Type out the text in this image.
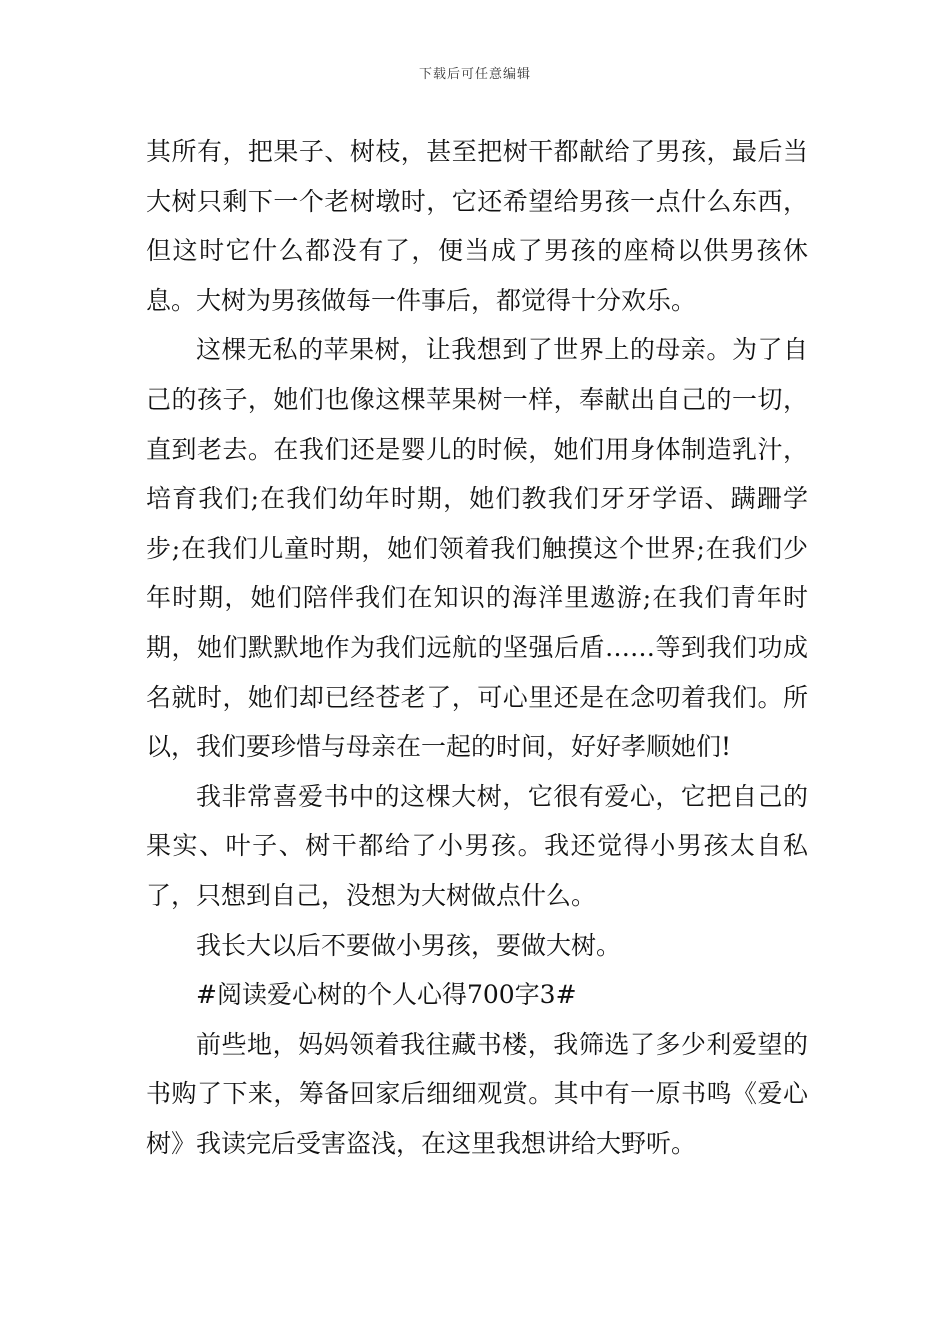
下载后可任意编辑

其所有，把果子、树枝，甚至把树干都献给了男孩，最后当大树只剩下一个老树墩时，它还希望给男孩一点什么东西，但这时它什么都没有了，便当成了男孩的座椅以供男孩休息。大树为男孩做每一件事后，都觉得十分欢乐。

这棵无私的苹果树，让我想到了世界上的母亲。为了自己的孩子，她们也像这棵苹果树一样，奉献出自己的一切，直到老去。在我们还是婴儿的时候，她们用身体制造乳汁，培育我们;在我们幼年时期，她们教我们牙牙学语、蹒跚学步;在我们儿童时期，她们领着我们触摸这个世界;在我们少年时期，她们陪伴我们在知识的海洋里遨游;在我们青年时期，她们默默地作为我们远航的坚强后盾……等到我们功成名就时，她们却已经苍老了，可心里还是在念叨着我们。所以，我们要珍惜与母亲在一起的时间，好好孝顺她们!

我非常喜爱书中的这棵大树，它很有爱心，它把自己的果实、叶子、树干都给了小男孩。我还觉得小男孩太自私了，只想到自己，没想为大树做点什么。

我长大以后不要做小男孩，要做大树。

#阅读爱心树的个人心得700字3#

前些地，妈妈领着我往藏书楼，我筛选了多少利爱望的书购了下来，筹备回家后细细观赏。其中有一原书鸣《爱心树》我读完后受害盗浅，在这里我想讲给大野听。
